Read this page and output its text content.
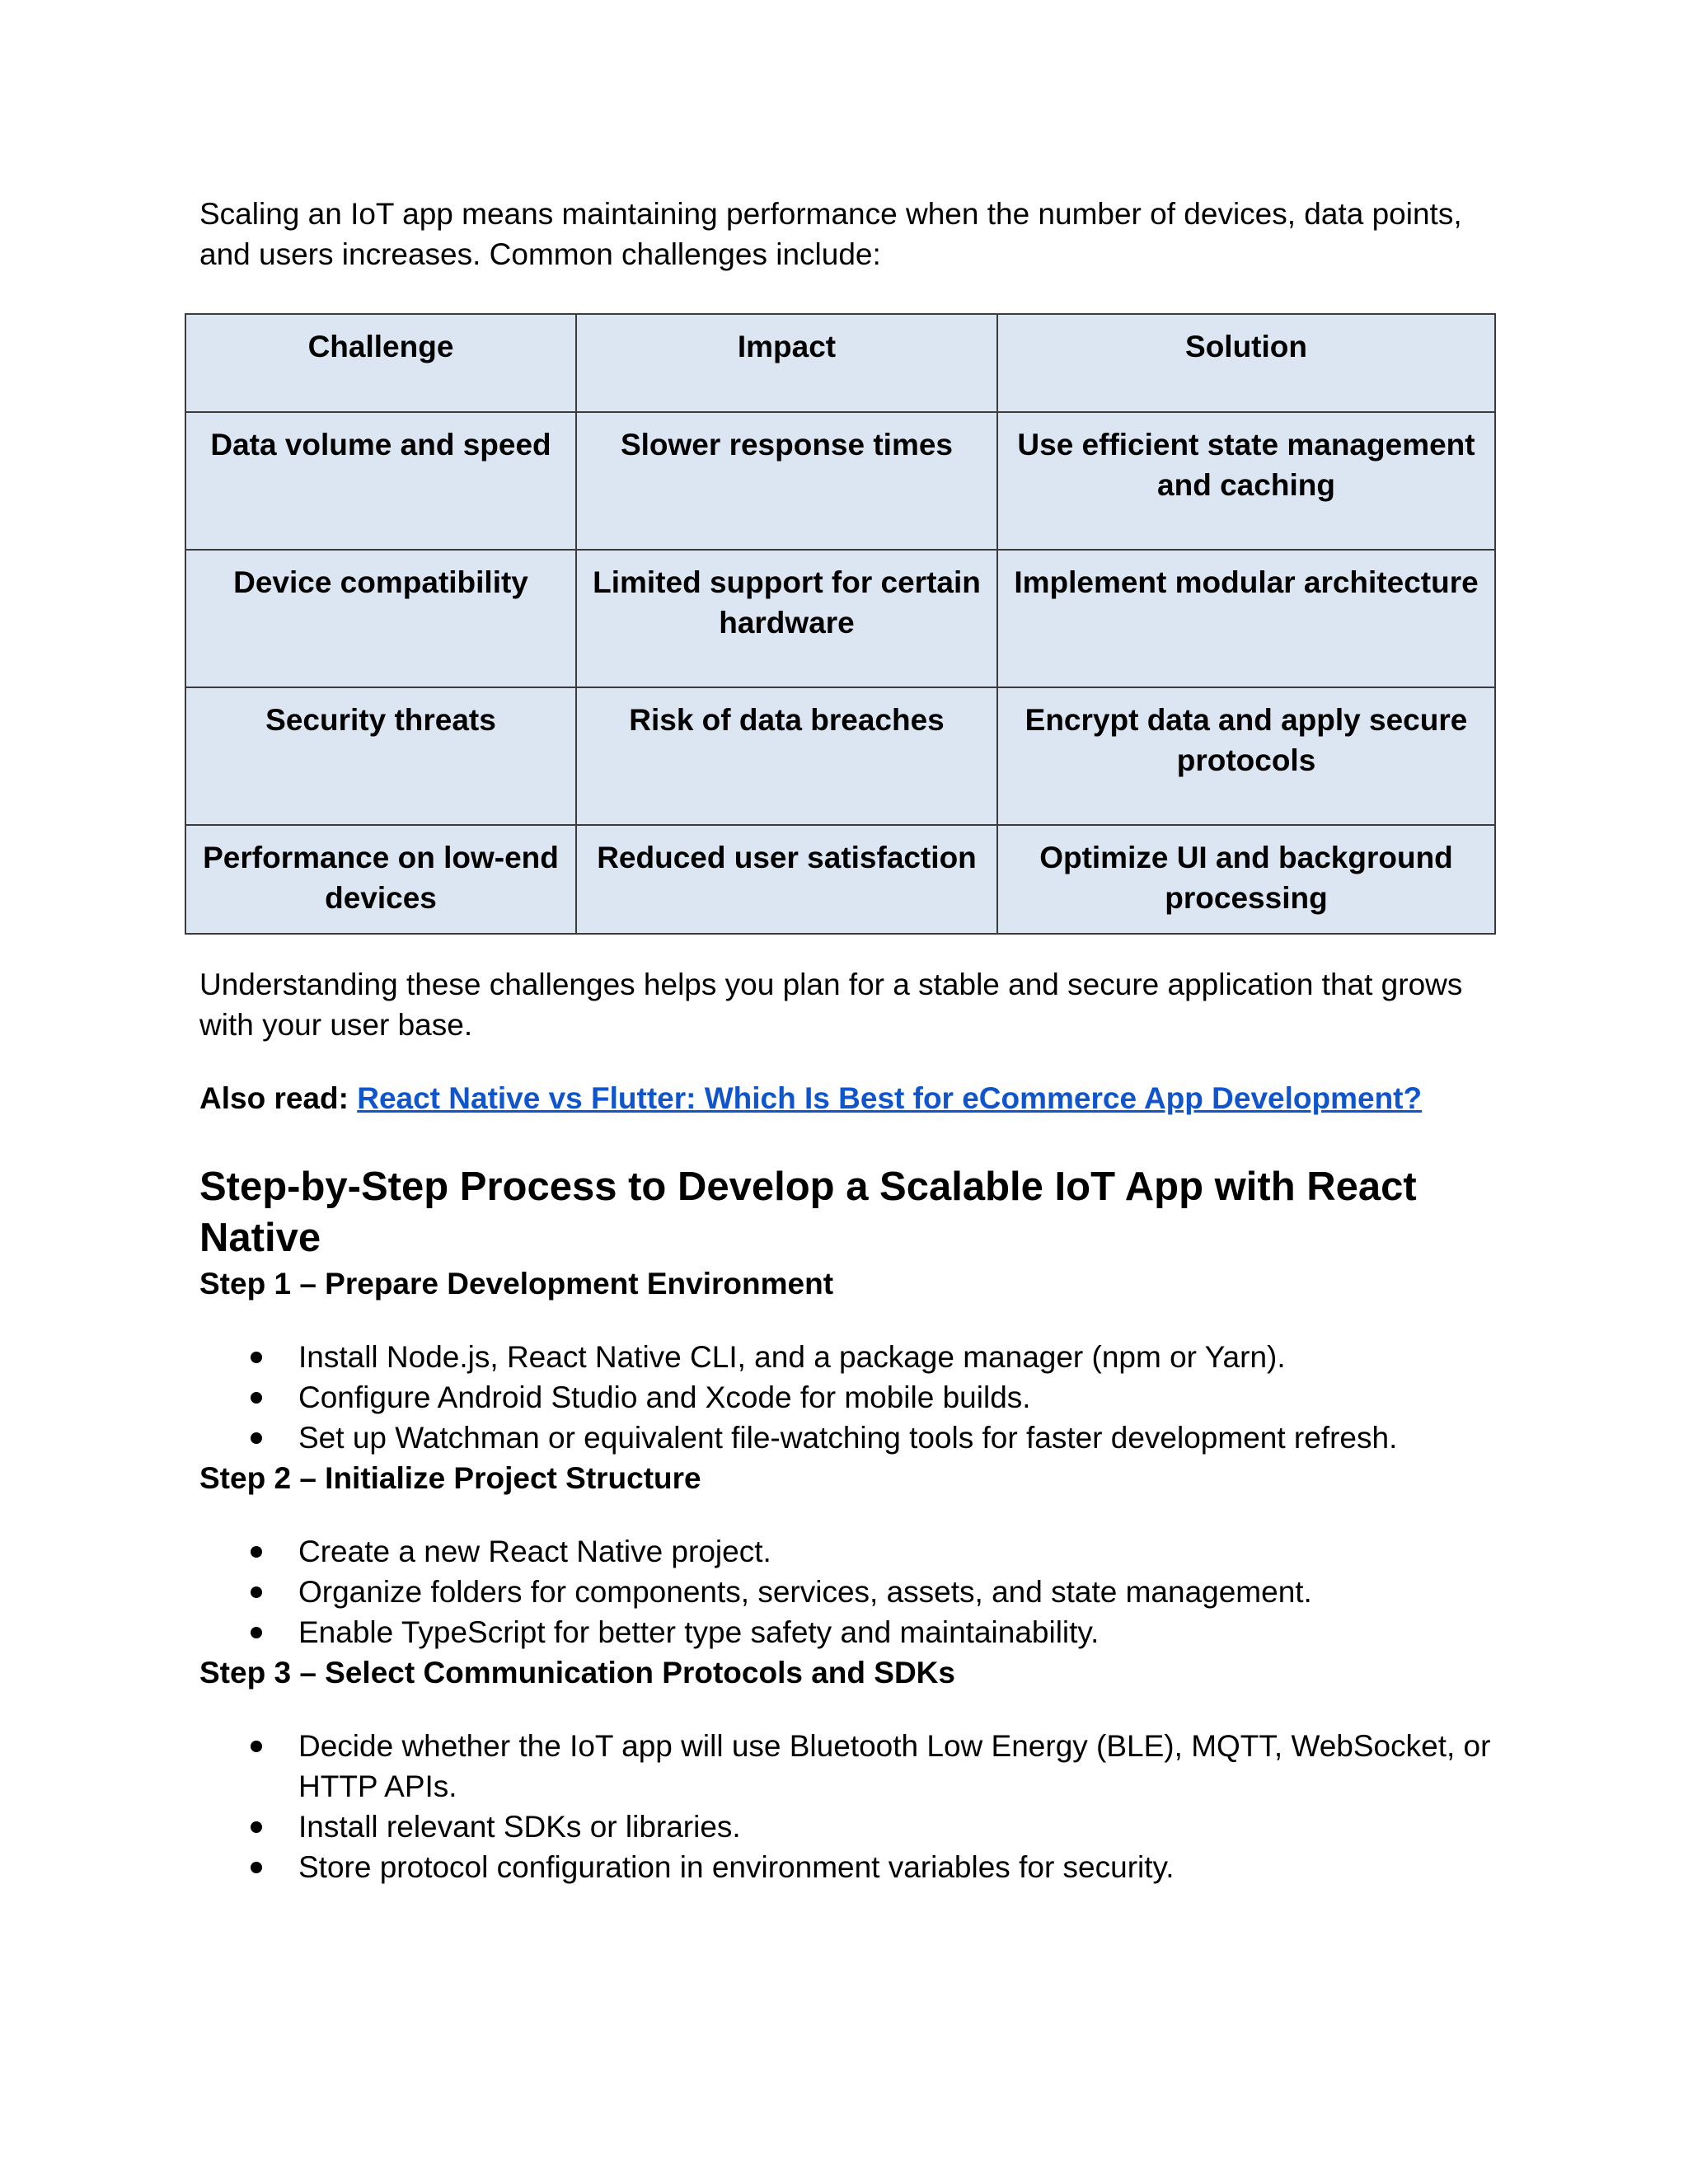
Scaling an IoT app means maintaining performance when the number of devices, data points, and users increases. Common challenges include:

Challenge	Impact	Solution
Data volume and speed	Slower response times	Use efficient state management and caching
Device compatibility	Limited support for certain hardware	Implement modular architecture
Security threats	Risk of data breaches	Encrypt data and apply secure protocols
Performance on low-end devices	Reduced user satisfaction	Optimize UI and background processing

Understanding these challenges helps you plan for a stable and secure application that grows with your user base.

Also read: React Native vs Flutter: Which Is Best for eCommerce App Development?
Step-by-Step Process to Develop a Scalable IoT App with React Native
Step 1 – Prepare Development Environment
Install Node.js, React Native CLI, and a package manager (npm or Yarn).
Configure Android Studio and Xcode for mobile builds.
Set up Watchman or equivalent file-watching tools for faster development refresh.
Step 2 – Initialize Project Structure
Create a new React Native project.
Organize folders for components, services, assets, and state management.
Enable TypeScript for better type safety and maintainability.
Step 3 – Select Communication Protocols and SDKs
Decide whether the IoT app will use Bluetooth Low Energy (BLE), MQTT, WebSocket, or HTTP APIs.
Install relevant SDKs or libraries.
Store protocol configuration in environment variables for security.
